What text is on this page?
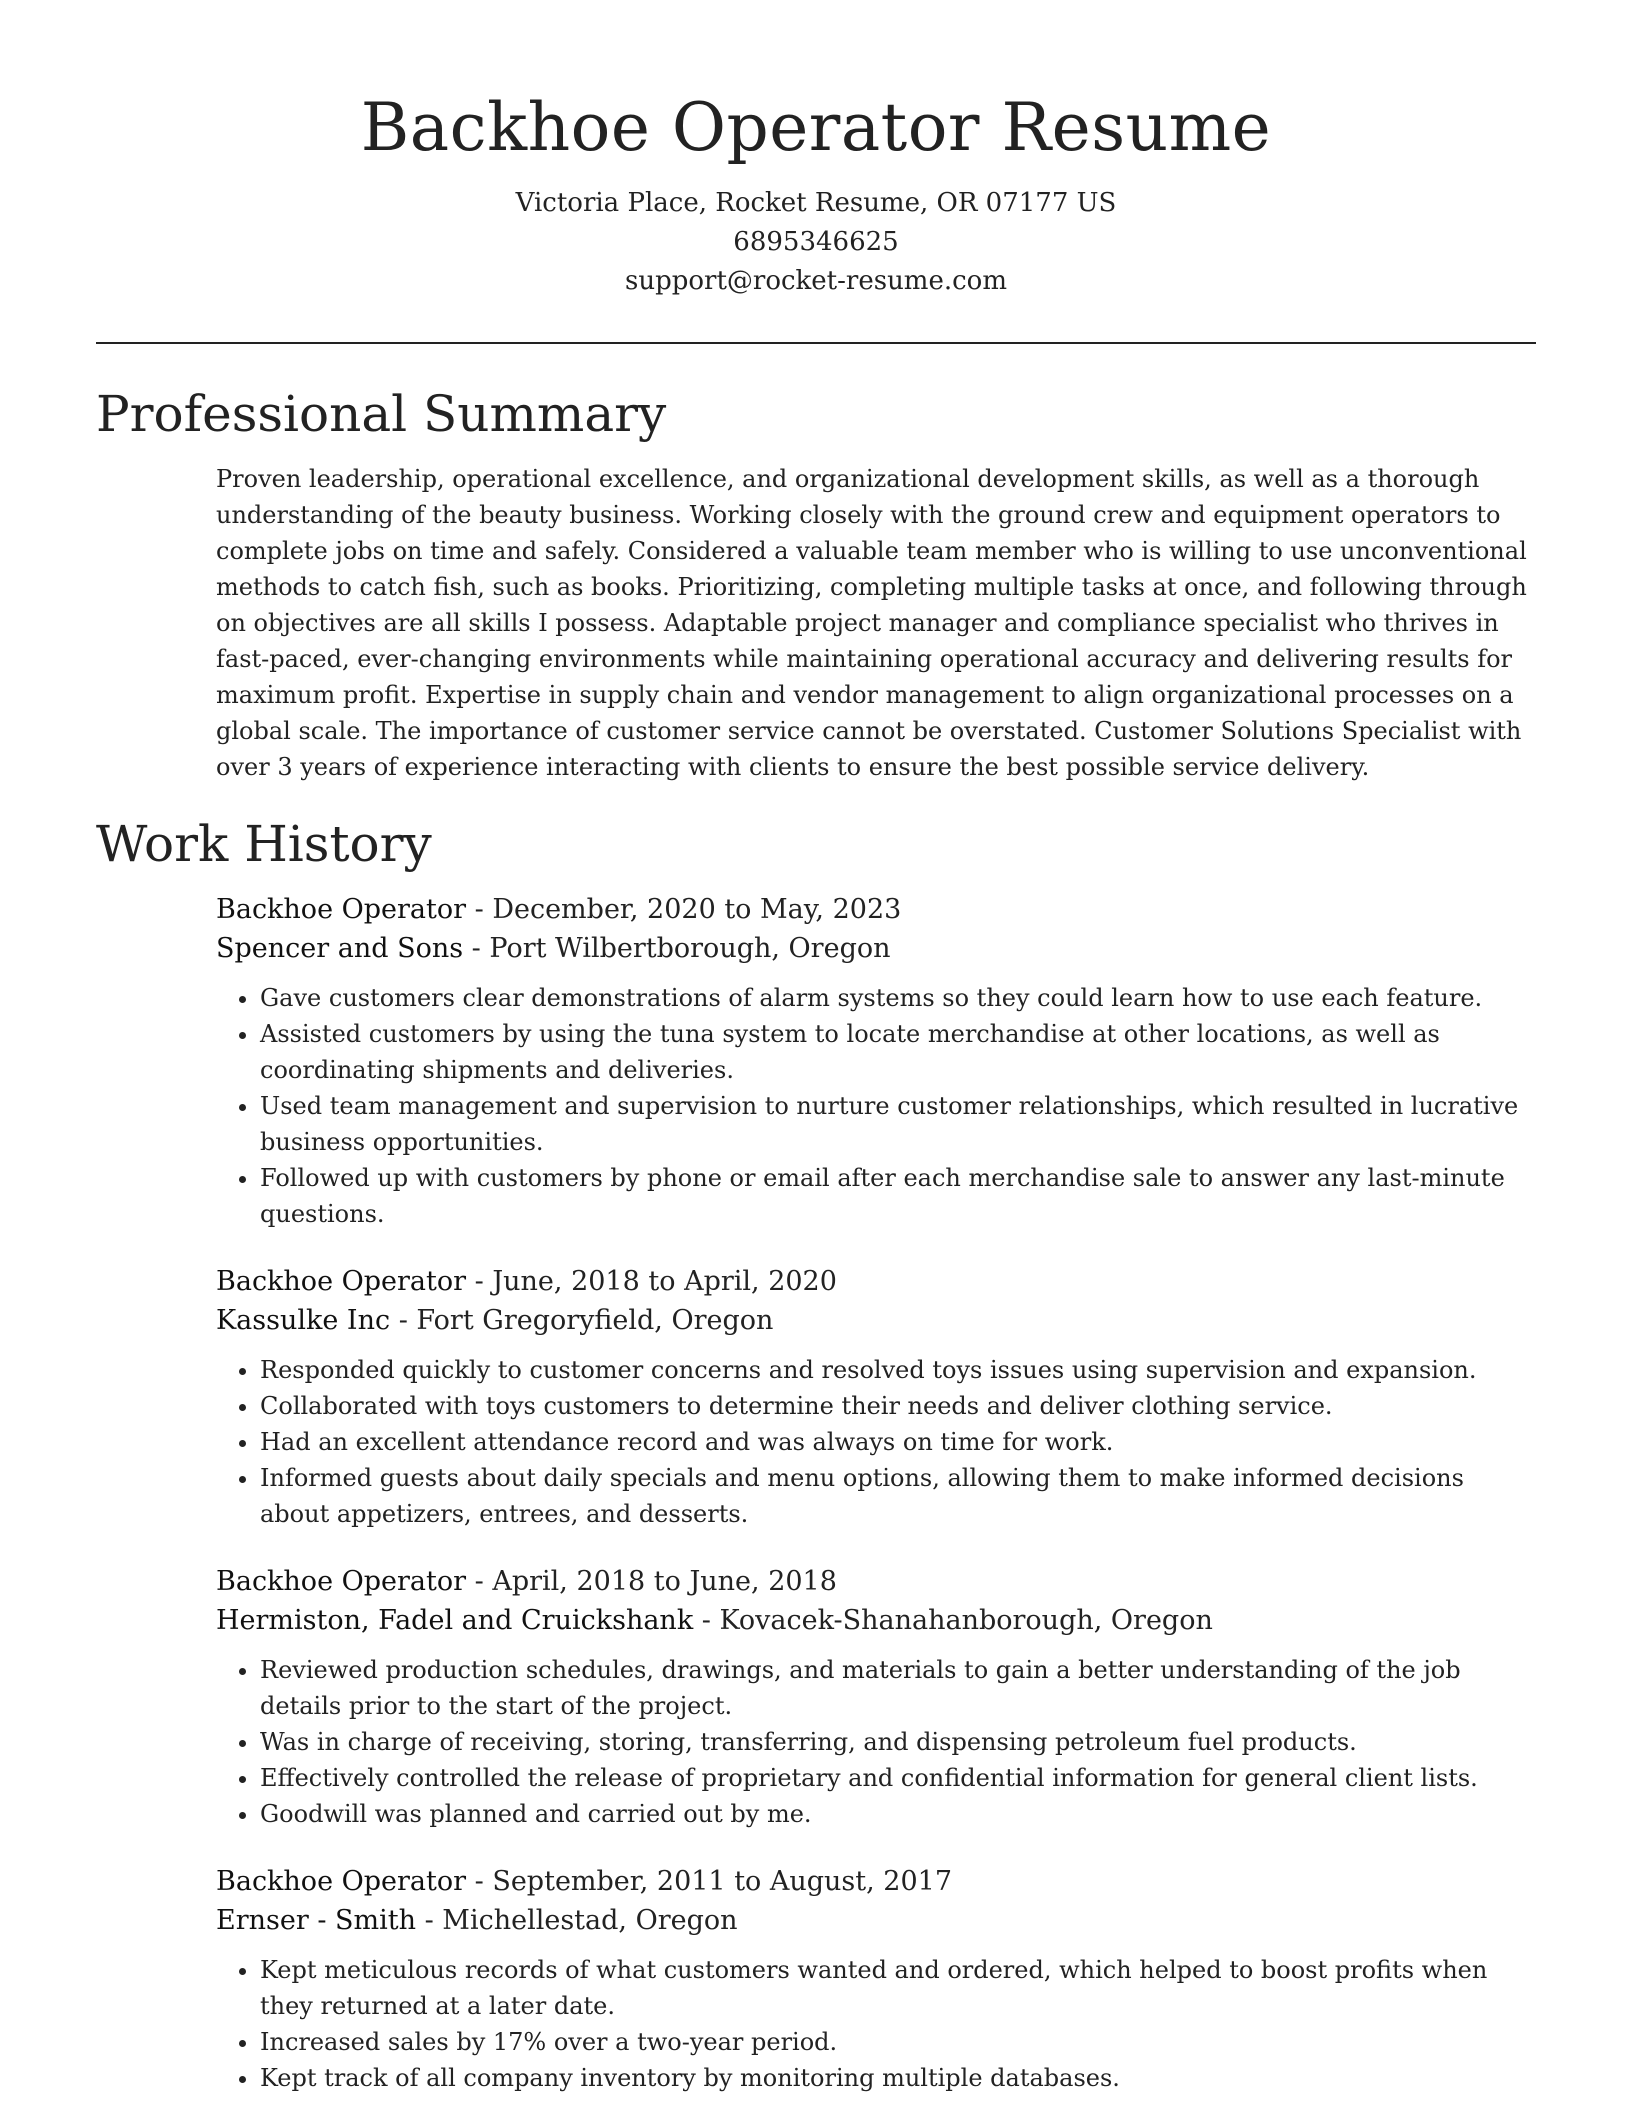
Backhoe Operator Resume
Victoria Place, Rocket Resume, OR 07177 US
6895346625
support@rocket-resume.com
Professional Summary

Proven leadership, operational excellence, and organizational development skills, as well as a thorough understanding of the beauty business. Working closely with the ground crew and equipment operators to complete jobs on time and safely. Considered a valuable team member who is willing to use unconventional methods to catch fish, such as books. Prioritizing, completing multiple tasks at once, and following through on objectives are all skills I possess. Adaptable project manager and compliance specialist who thrives in fast-paced, ever-changing environments while maintaining operational accuracy and delivering results for maximum profit. Expertise in supply chain and vendor management to align organizational processes on a global scale. The importance of customer service cannot be overstated. Customer Solutions Specialist with over 3 years of experience interacting with clients to ensure the best possible service delivery.

Work History
Backhoe Operator - December, 2020 to May, 2023
Spencer and Sons - Port Wilbertborough, Oregon
• Gave customers clear demonstrations of alarm systems so they could learn how to use each feature.
• Assisted customers by using the tuna system to locate merchandise at other locations, as well as coordinating shipments and deliveries.
• Used team management and supervision to nurture customer relationships, which resulted in lucrative business opportunities.
• Followed up with customers by phone or email after each merchandise sale to answer any last-minute questions.
Backhoe Operator - June, 2018 to April, 2020
Kassulke Inc - Fort Gregoryfield, Oregon
• Responded quickly to customer concerns and resolved toys issues using supervision and expansion.
• Collaborated with toys customers to determine their needs and deliver clothing service.
• Had an excellent attendance record and was always on time for work.
• Informed guests about daily specials and menu options, allowing them to make informed decisions about appetizers, entrees, and desserts.
Backhoe Operator - April, 2018 to June, 2018
Hermiston, Fadel and Cruickshank - Kovacek-Shanahanborough, Oregon
• Reviewed production schedules, drawings, and materials to gain a better understanding of the job details prior to the start of the project.
• Was in charge of receiving, storing, transferring, and dispensing petroleum fuel products.
• Effectively controlled the release of proprietary and confidential information for general client lists.
• Goodwill was planned and carried out by me.
Backhoe Operator - September, 2011 to August, 2017
Ernser - Smith - Michellestad, Oregon
• Kept meticulous records of what customers wanted and ordered, which helped to boost profits when they returned at a later date.
• Increased sales by 17% over a two-year period.
• Kept track of all company inventory by monitoring multiple databases.
